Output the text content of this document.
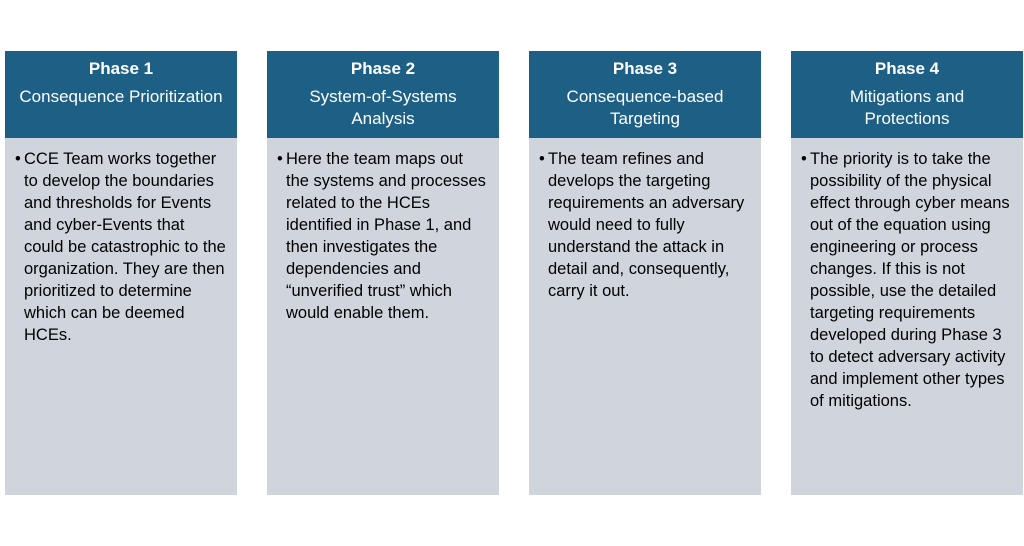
Phase 1
Consequence Prioritization
• CCE Team works together to develop the boundaries and thresholds for Events and cyber-Events that could be catastrophic to the organization. They are then prioritized to determine which can be deemed HCEs.
Phase 2
System-of-Systems Analysis
• Here the team maps out the systems and processes related to the HCEs identified in Phase 1, and then investigates the dependencies and “unverified trust” which would enable them.
Phase 3
Consequence-based Targeting
• The team refines and develops the targeting requirements an adversary would need to fully understand the attack in detail and, consequently, carry it out.
Phase 4
Mitigations and Protections
• The priority is to take the possibility of the physical effect through cyber means out of the equation using engineering or process changes. If this is not possible, use the detailed targeting requirements developed during Phase 3 to detect adversary activity and implement other types of mitigations.
